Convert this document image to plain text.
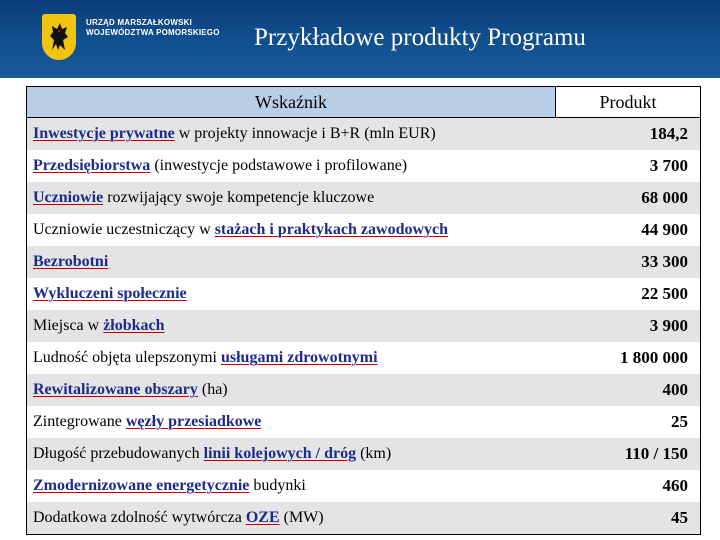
URZĄD MARSZAŁKOWSKI
WOJEWÓDZTWA POMORSKIEGO Przykładowe produkty Programu
Wskaźnik	Produkt
Inwestycje prywatne w projekty innowacje i B+R (mln EUR)	184,2
Przedsiębiorstwa (inwestycje podstawowe i profilowane)	3 700
Uczniowie rozwijający swoje kompetencje kluczowe	68 000
Uczniowie uczestniczący w stażach i praktykach zawodowych	44 900
Bezrobotni	33 300
Wykluczeni społecznie	22 500
Miejsca w żłobkach	3 900
Ludność objęta ulepszonymi usługami zdrowotnymi	1 800 000
Rewitalizowane obszary (ha)	400
Zintegrowane węzły przesiadkowe	25
Długość przebudowanych linii kolejowych / dróg (km)	110 / 150
Zmodernizowane energetycznie budynki	460
Dodatkowa zdolność wytwórcza OZE (MW)	45
